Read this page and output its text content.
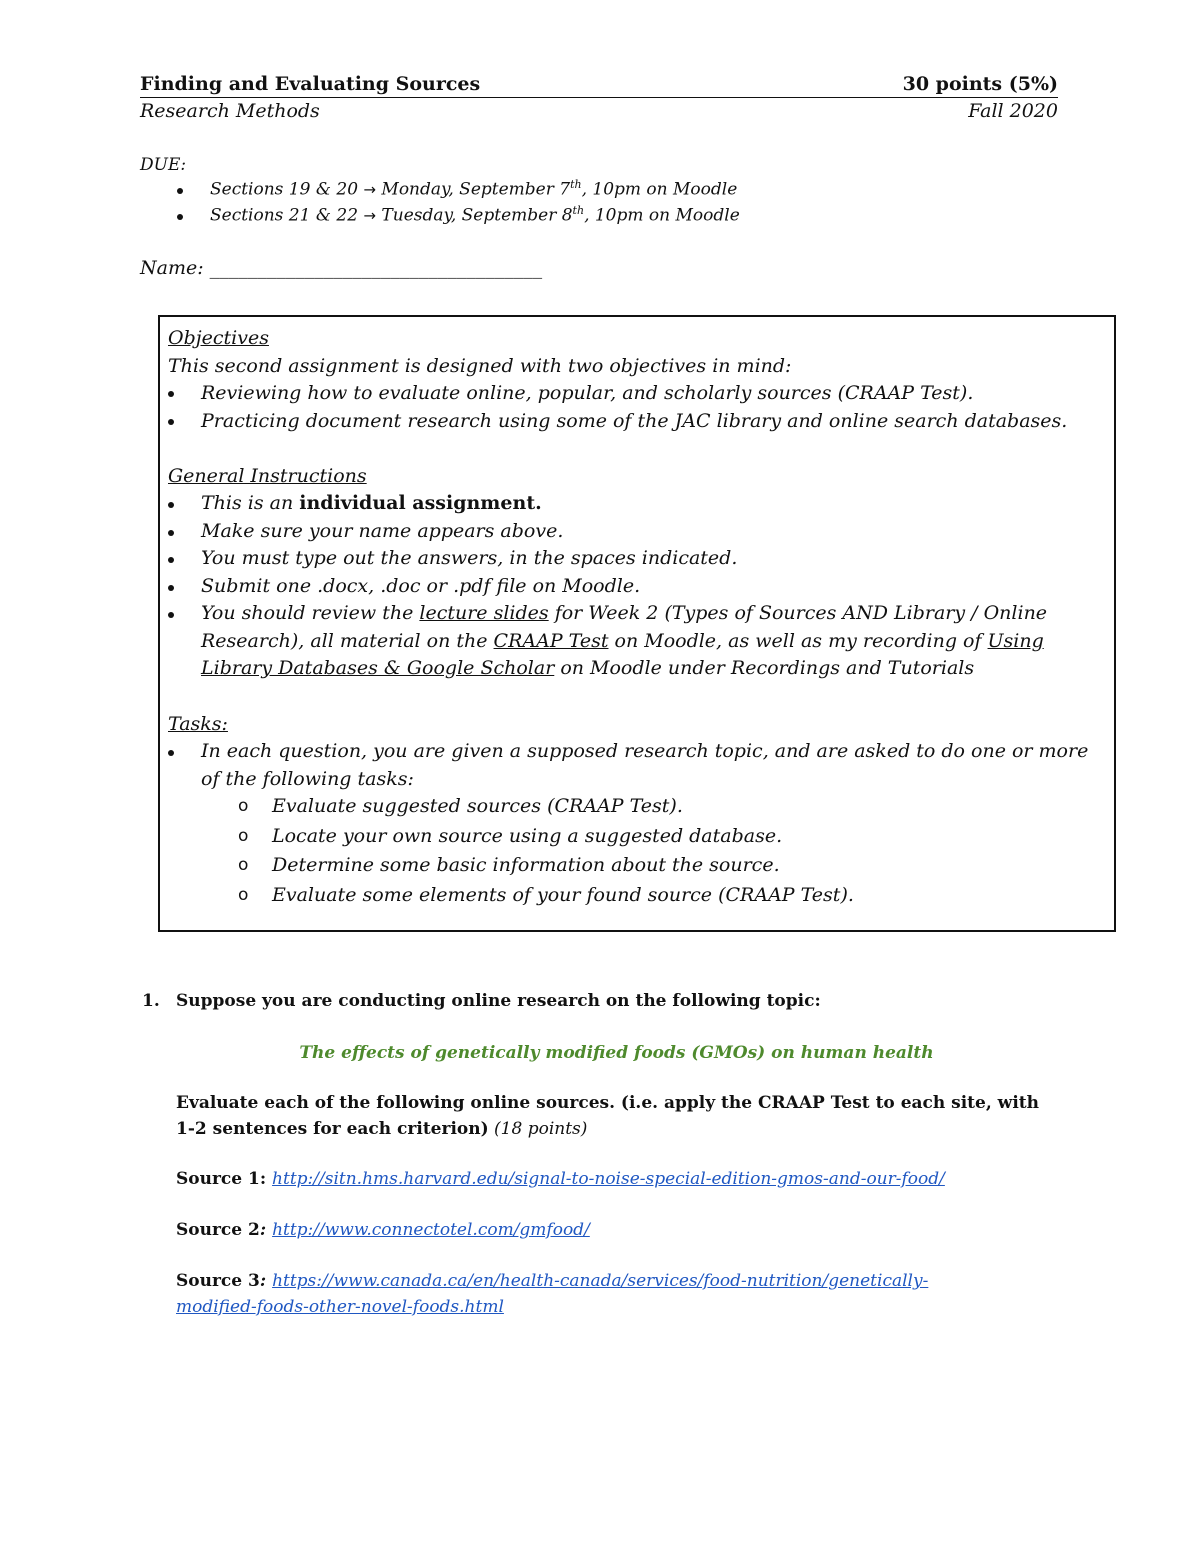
Finding and Evaluating Sources	30 points (5%)
Research Methods	Fall 2020
DUE:
Sections 19 & 20 → Monday, September 7th, 10pm on Moodle
Sections 21 & 22 → Tuesday, September 8th, 10pm on Moodle
Name: ___________________________________
Objectives
This second assignment is designed with two objectives in mind:
Reviewing how to evaluate online, popular, and scholarly sources (CRAAP Test).
Practicing document research using some of the JAC library and online search databases.
General Instructions
This is an individual assignment.
Make sure your name appears above.
You must type out the answers, in the spaces indicated.
Submit one .docx, .doc or .pdf file on Moodle.
You should review the lecture slides for Week 2 (Types of Sources AND Library / Online
Research), all material on the CRAAP Test on Moodle, as well as my recording of Using
Library Databases & Google Scholar on Moodle under Recordings and Tutorials
Tasks:
In each question, you are given a supposed research topic, and are asked to do one or more
of the following tasks:
o Evaluate suggested sources (CRAAP Test).
o Locate your own source using a suggested database.
o Determine some basic information about the source.
o Evaluate some elements of your found source (CRAAP Test).
1. Suppose you are conducting online research on the following topic:
The effects of genetically modified foods (GMOs) on human health
Evaluate each of the following online sources. (i.e. apply the CRAAP Test to each site, with
1-2 sentences for each criterion) (18 points)
Source 1: http://sitn.hms.harvard.edu/signal-to-noise-special-edition-gmos-and-our-food/
Source 2: http://www.connectotel.com/gmfood/
Source 3: https://www.canada.ca/en/health-canada/services/food-nutrition/genetically-
modified-foods-other-novel-foods.html
